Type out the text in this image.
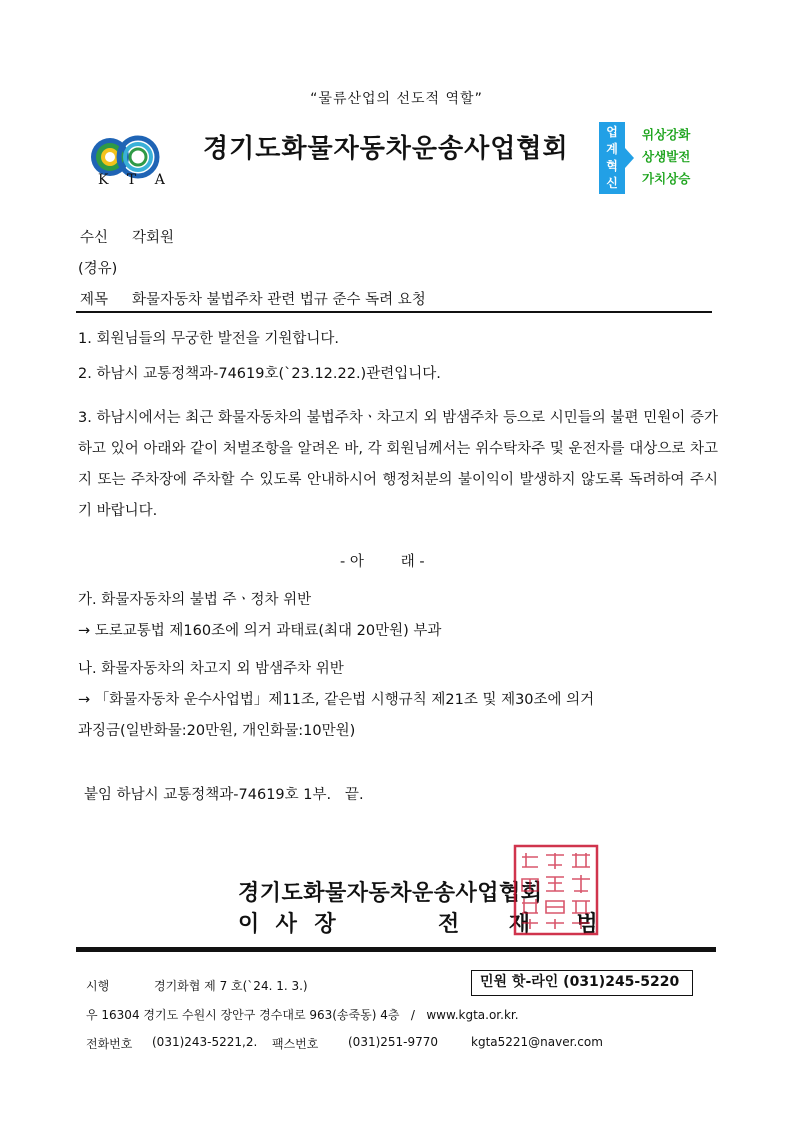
“물류산업의 선도적 역할”
K T A
경기도화물자동차운송사업협회
업
계
혁
신
위상강화
상생발전
가치상승
수신 각회원
(경유)
제목 화물자동차 불법주차 관련 법규 준수 독려 요청
1. 회원님들의 무궁한 발전을 기원합니다.
2. 하남시 교통정책과-74619호(`23.12.22.)관련입니다.
3. 하남시에서는 최근 화물자동차의 불법주차ㆍ차고지 외 밤샘주차 등으로 시민들의 불편 민원이 증가하고 있어 아래와 같이 처벌조항을 알려온 바, 각 회원님께서는 위수탁차주 및 운전자를 대상으로 차고지 또는 주차장에 주차할 수 있도록 안내하시어 행정처분의 불이익이 발생하지 않도록 독려하여 주시기 바랍니다.
- 아        래 -
가. 화물자동차의 불법 주ㆍ정차 위반
→ 도로교통법 제160조에 의거 과태료(최대 20만원) 부과
나. 화물자동차의 차고지 외 밤샘주차 위반
→ 「화물자동차 운수사업법」제11조, 같은법 시행규칙 제21조 및 제30조에 의거
과징금(일반화물:20만원, 개인화물:10만원)
붙임 하남시 교통정책과-74619호 1부.   끝.
경기도화물자동차운송사업협회
이 사 장	전 재 범
시행	경기화협 제 7 호(`24. 1. 3.)	민원 핫-라인 (031)245-5220
우 16304 경기도 수원시 장안구 경수대로 963(송죽동) 4층   /   www.kgta.or.kr.
전화번호 (031)243-5221,2. 팩스번호 (031)251-9770	kgta5221@naver.com
